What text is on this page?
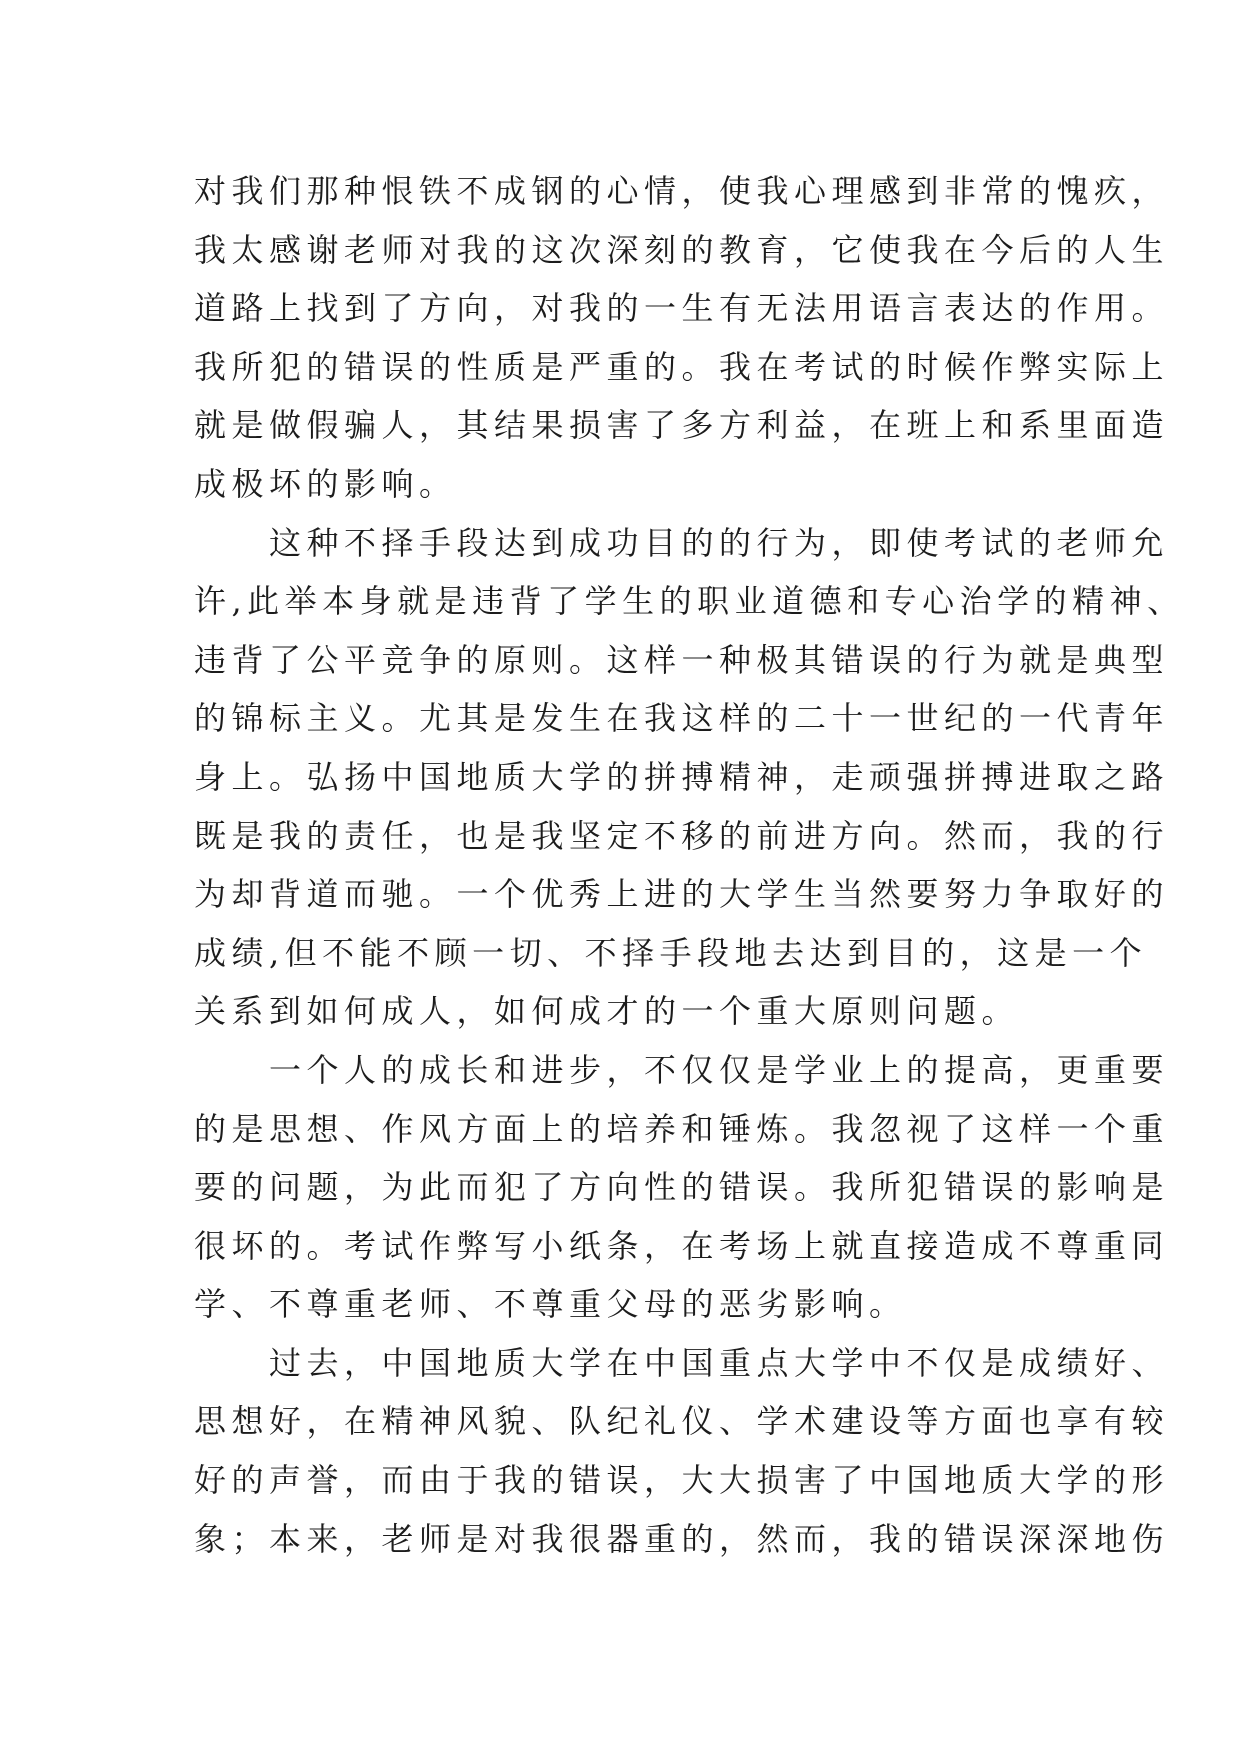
对我们那种恨铁不成钢的心情，使我心理感到非常的愧疚，
我太感谢老师对我的这次深刻的教育，它使我在今后的人生
道路上找到了方向，对我的一生有无法用语言表达的作用。
我所犯的错误的性质是严重的。我在考试的时候作弊实际上
就是做假骗人，其结果损害了多方利益，在班上和系里面造
成极坏的影响。
这种不择手段达到成功目的的行为，即使考试的老师允
许,此举本身就是违背了学生的职业道德和专心治学的精神、
违背了公平竞争的原则。这样一种极其错误的行为就是典型
的锦标主义。尤其是发生在我这样的二十一世纪的一代青年
身上。弘扬中国地质大学的拼搏精神，走顽强拼搏进取之路
既是我的责任，也是我坚定不移的前进方向。然而，我的行
为却背道而驰。一个优秀上进的大学生当然要努力争取好的
成绩,但不能不顾一切、不择手段地去达到目的，这是一个
关系到如何成人，如何成才的一个重大原则问题。
一个人的成长和进步，不仅仅是学业上的提高，更重要
的是思想、作风方面上的培养和锤炼。我忽视了这样一个重
要的问题，为此而犯了方向性的错误。我所犯错误的影响是
很坏的。考试作弊写小纸条，在考场上就直接造成不尊重同
学、不尊重老师、不尊重父母的恶劣影响。
过去，中国地质大学在中国重点大学中不仅是成绩好、
思想好，在精神风貌、队纪礼仪、学术建设等方面也享有较
好的声誉，而由于我的错误，大大损害了中国地质大学的形
象；本来，老师是对我很器重的，然而，我的错误深深地伤
